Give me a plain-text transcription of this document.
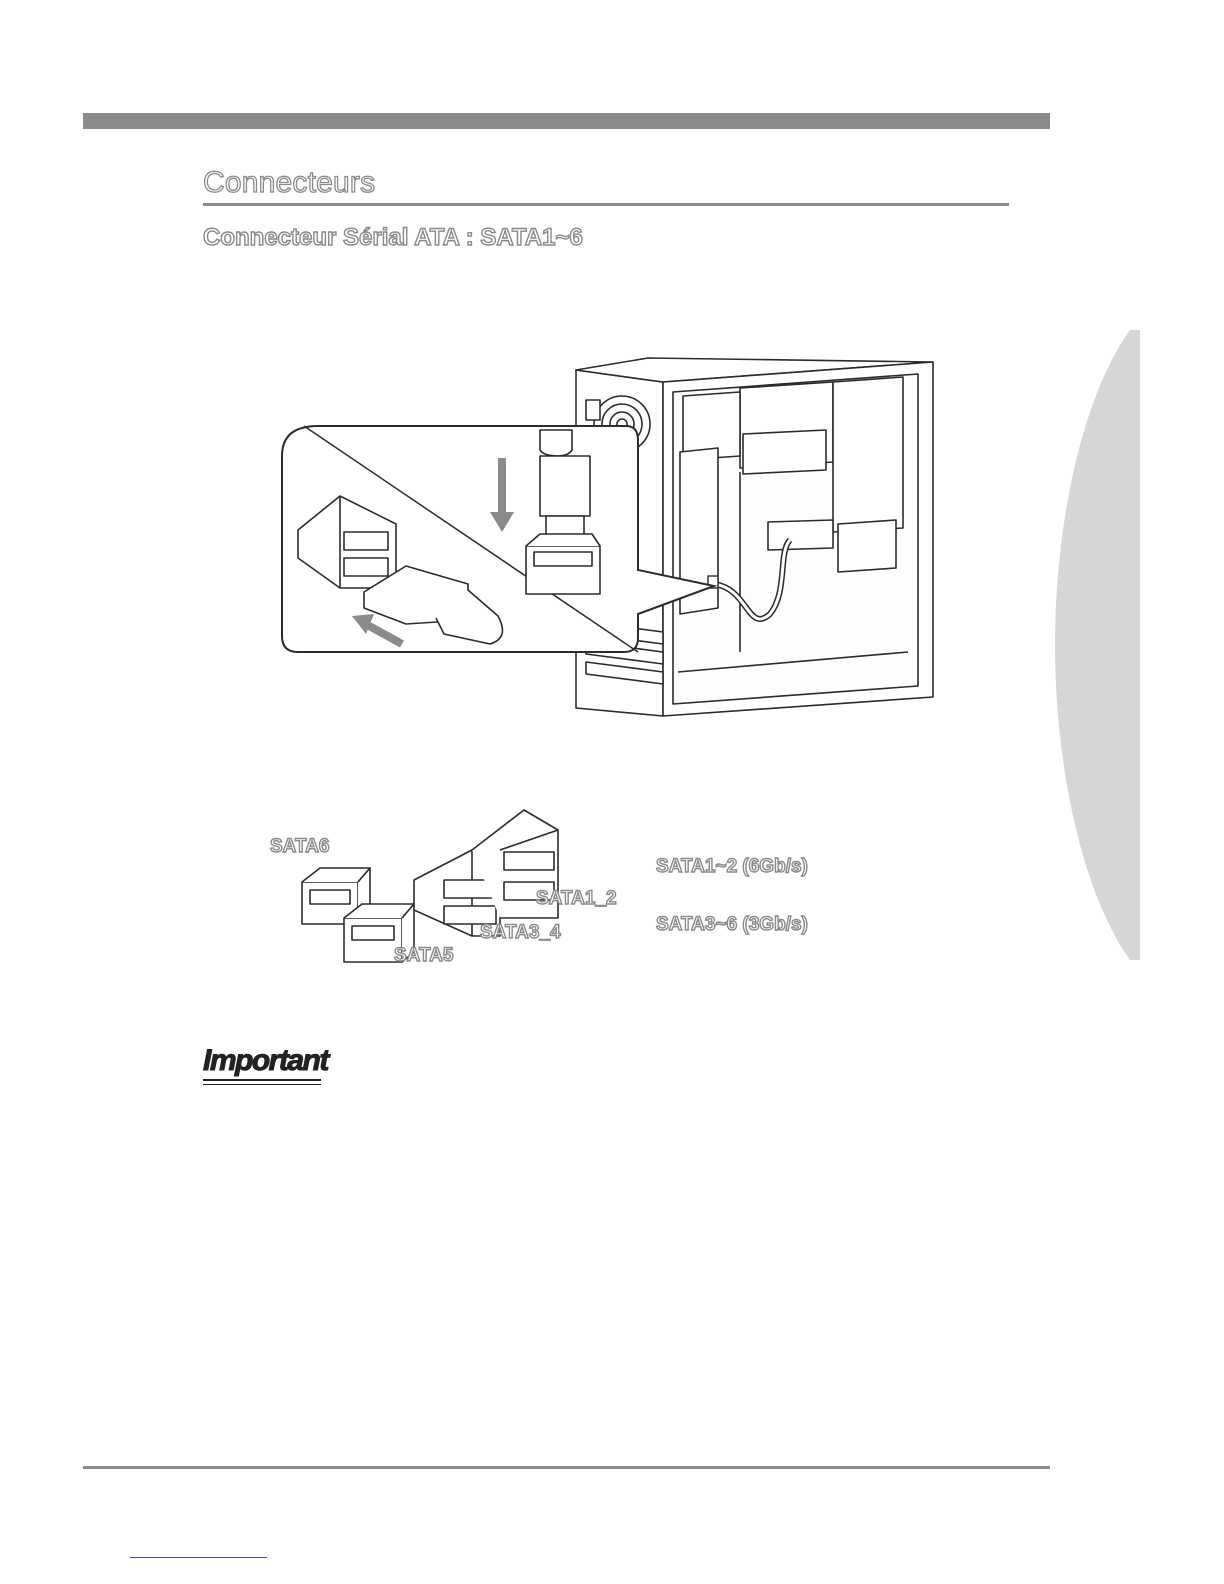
Connecteurs
Connecteur Sérial ATA : SATA1~6
SATA6
SATA5
SATA1_2
SATA3_4
SATA1~2 (6Gb/s)
SATA3~6 (3Gb/s)
Important
